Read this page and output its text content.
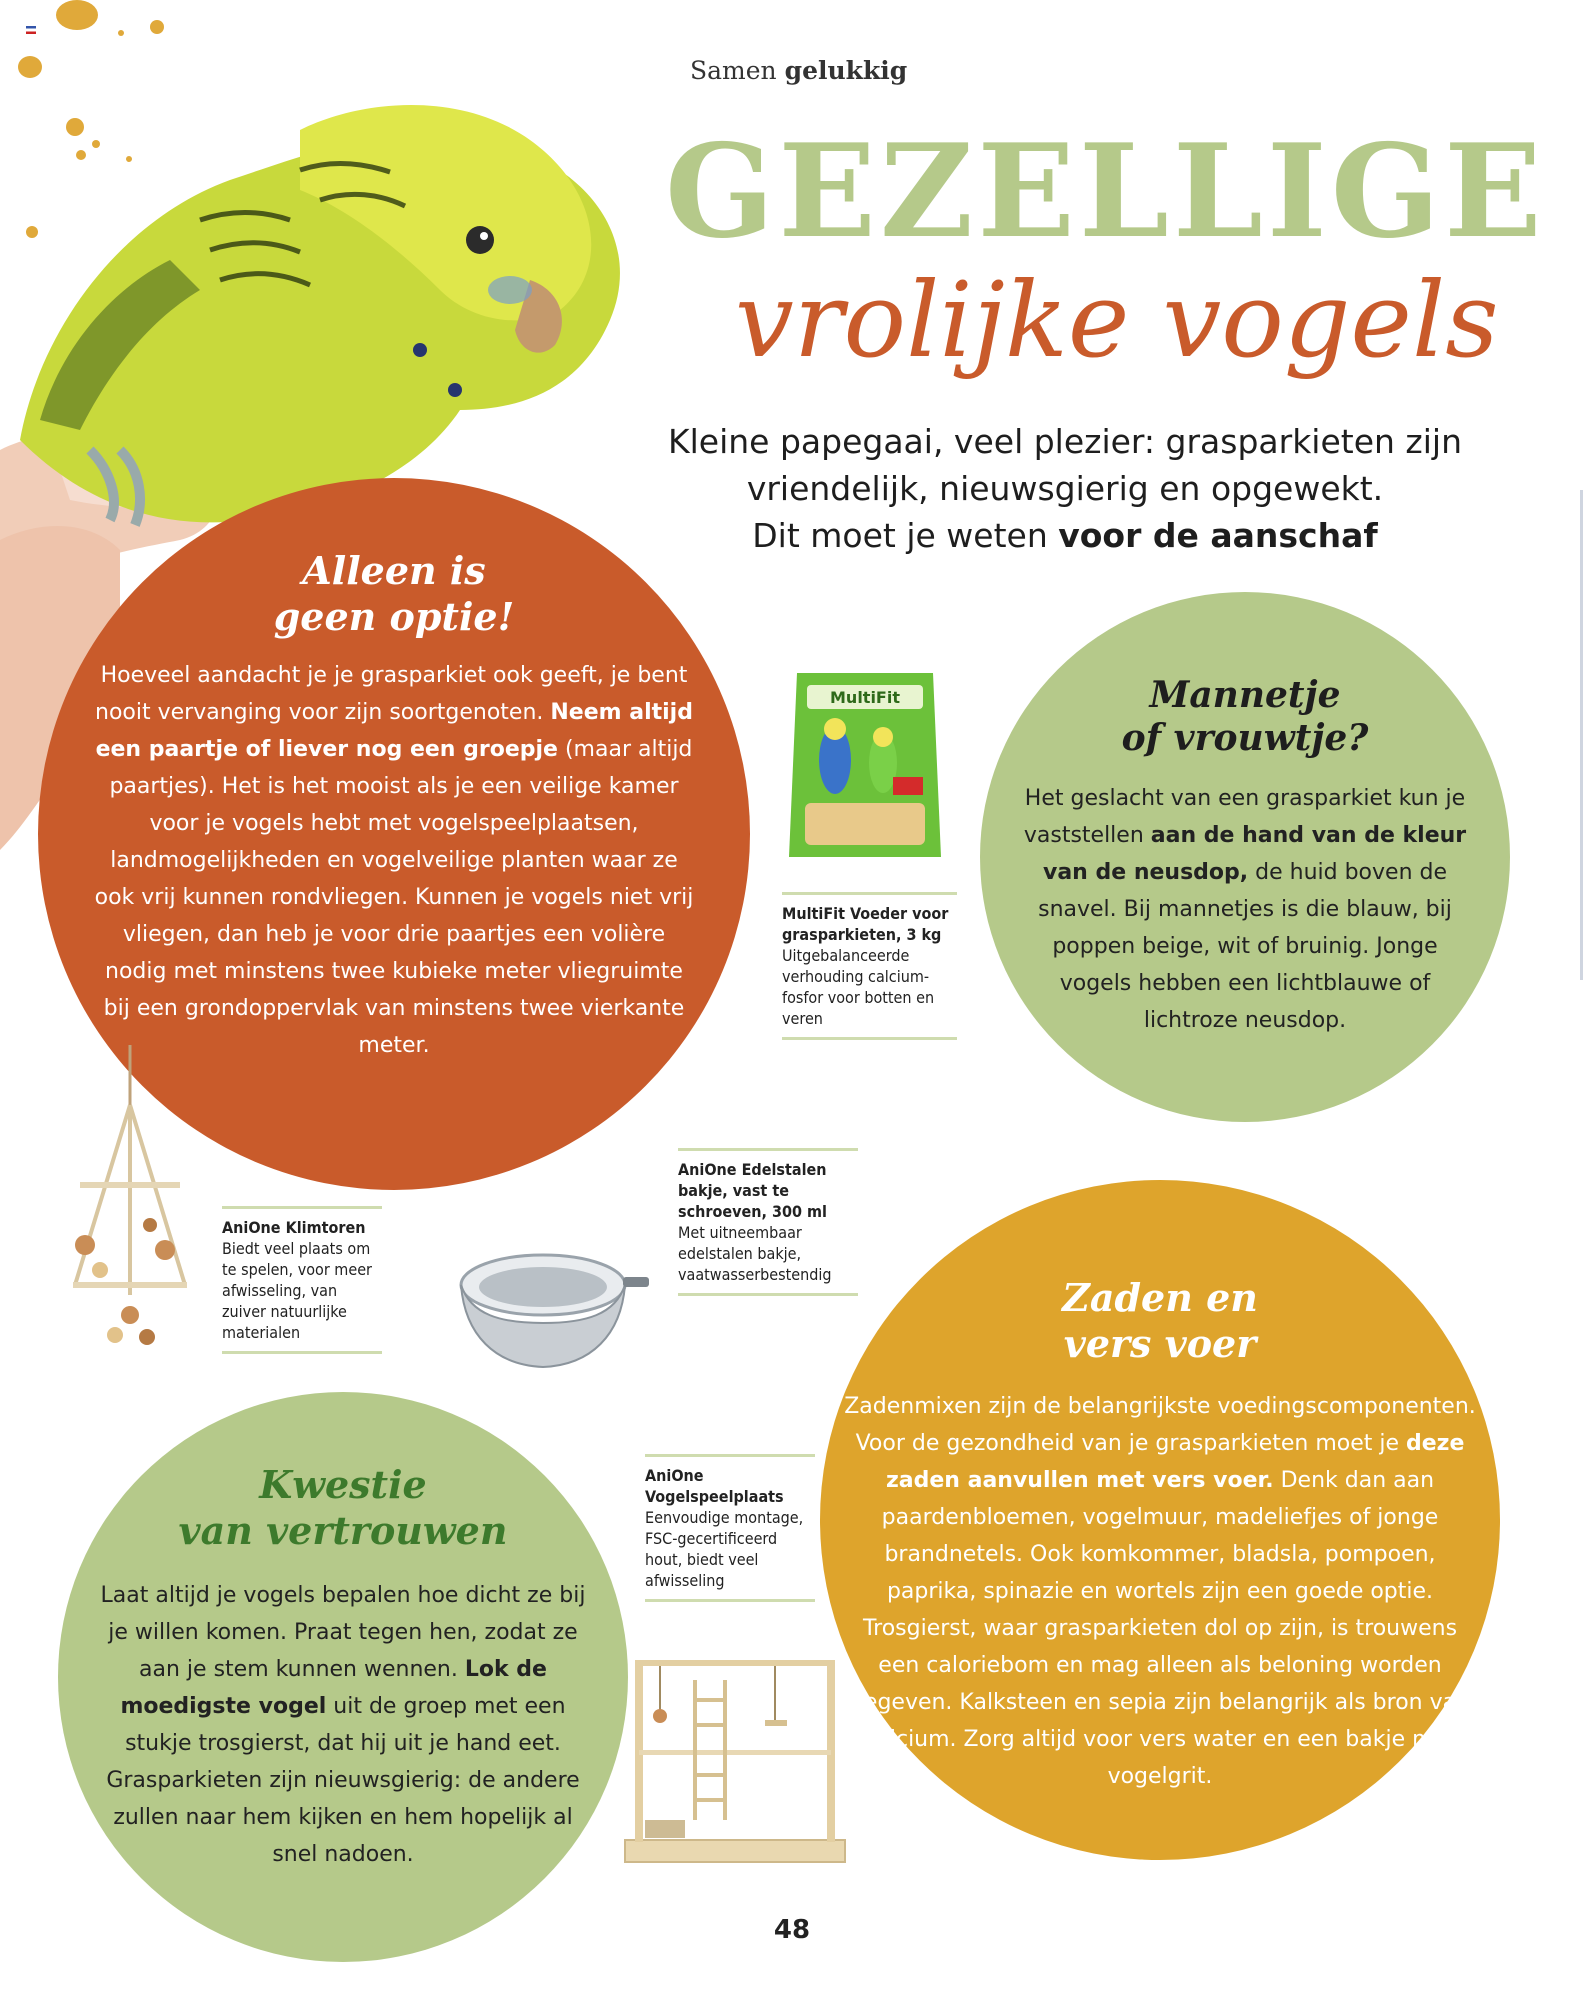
Samen gelukkig
GEZELLIGE
vrolijke vogels
Kleine papegaai, veel plezier: grasparkieten zijn
vriendelijk, nieuwsgierig en opgewekt.
Dit moet je weten voor de aanschaf
Alleen is
geen optie!

Hoeveel aandacht je je grasparkiet ook geeft, je bent nooit vervanging voor zijn soortgenoten. Neem altijd een paartje of liever nog een groepje (maar altijd paartjes). Het is het mooist als je een veilige kamer voor je vogels hebt met vogelspeelplaatsen, landmogelijkheden en vogelveilige planten waar ze ook vrij kunnen rondvliegen. Kunnen je vogels niet vrij vliegen, dan heb je voor drie paartjes een volière nodig met minstens twee kubieke meter vliegruimte bij een grondoppervlak van minstens twee vierkante meter.

Mannetje
of vrouwtje?

Het geslacht van een grasparkiet kun je vaststellen aan de hand van de kleur van de neusdop, de huid boven de snavel. Bij mannetjes is die blauw, bij poppen beige, wit of bruinig. Jonge vogels hebben een lichtblauwe of lichtroze neusdop.

Zaden en
vers voer

Zadenmixen zijn de belangrijkste voedingscomponenten. Voor de gezondheid van je grasparkieten moet je deze zaden aanvullen met vers voer. Denk dan aan paardenbloemen, vogelmuur, madeliefjes of jonge brandnetels. Ook komkommer, bladsla, pompoen, paprika, spinazie en wortels zijn een goede optie. Trosgierst, waar grasparkieten dol op zijn, is trouwens een caloriebom en mag alleen als beloning worden gegeven. Kalksteen en sepia zijn belangrijk als bron van calcium. Zorg altijd voor vers water en een bakje met vogelgrit.

Kwestie
van vertrouwen

Laat altijd je vogels bepalen hoe dicht ze bij je willen komen. Praat tegen hen, zodat ze aan je stem kunnen wennen. Lok de moedigste vogel uit de groep met een stukje trosgierst, dat hij uit je hand eet. Grasparkieten zijn nieuwsgierig: de andere zullen naar hem kijken en hem hopelijk al snel nadoen.

MultiFit
MultiFit Voeder voor grasparkieten, 3 kg
Uitgebalanceerde verhouding calcium-fosfor voor botten en veren
AniOne Klimtoren
Biedt veel plaats om te spelen, voor meer afwisseling, van zuiver natuurlijke materialen
AniOne Edelstalen bakje, vast te schroeven, 300 ml
Met uitneembaar edelstalen bakje, vaatwasserbestendig
AniOne Vogelspeelplaats
Eenvoudige montage, FSC-gecertificeerd hout, biedt veel afwisseling
48
